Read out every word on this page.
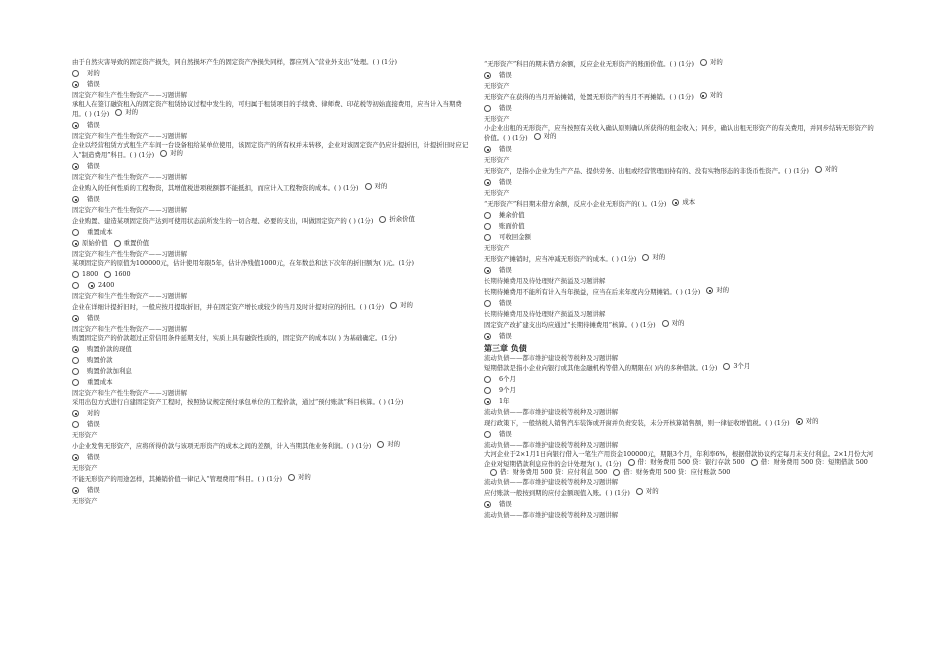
由于自然灾害导致的固定资产损失，同自然损坏产生的固定资产净损失同样，都应列入“营业外支出”处理。( ) (1分)
对的
错误
固定资产和生产性生物资产——习题讲解
承租人在签订融资租入的固定资产租赁协议过程中发生的，可归属于租赁项目的手续费、律师费、印花税等初始直接费用，应当计入当期费用。( ) (1分)	对的
错误
固定资产和生产性生物资产——习题讲解
企业以经营租赁方式租生产车间一台设备租给某单位使用，该固定资产的所有权并未转移，企业对该固定资产仍应计提折旧，计提折旧时应记入“制造费用”科目。( ) (1分)	对的
错误
固定资产和生产性生物资产——习题讲解
企业购入的任何性质的工程物资，其增值税进项税额都不能抵扣，而应计入工程物资的成本。( ) (1分)	对的
错误
固定资产和生产性生物资产——习题讲解
企业购置、建造某项固定资产达到可使用状态前所发生的一切合理、必要的支出，叫做固定资产的 ( ) (1分)	折余价值
重置成本
原始价值	重置价值
固定资产和生产性生物资产——习题讲解
某项固定资产的原值为100000元，估计使用年限5年，估计净残值1000元，在年数总和法下次年的折旧额为( )元。(1分)
1800	1600
2400
固定资产和生产性生物资产——习题讲解
企业在详细计提折旧时，一般应按月提取折旧，并在固定资产增长或较少的当月及时计提对应的折旧。( ) (1分)	对的
错误
固定资产和生产性生物资产——习题讲解
购置固定资产的价款超过正常信用条件延期支付，实质上具有融资性质的，固定资产的成本以( ) 为基础确定。(1分)
购置价款的现值
购置价款
购置价款加利息
重置成本
固定资产和生产性生物资产——习题讲解
采用出包方式进行自建固定资产工程时，按照协议规定预付承包单位的工程价款，通过“预付账款”科目核算。( ) (1分)
对的
错误
无形资产
小企业发售无形资产，应将所得价款与该项无形资产的成本之间的差额，计入当期其他业务利润。( ) (1分)	对的
错误
无形资产
不能无形资产的用途怎样，其摊销价值一律记入“管理费用”科目。( ) (1分)	对的
错误
无形资产
“无形资产”科目的期末借方余额，反应企业无形资产的账面价值。( ) (1分)	对的
错误
无形资产
无形资产在获得的当月开始摊销，处置无形资产的当月不再摊销。( ) (1分)	对的
错误
无形资产
小企业出租的无形资产，应当按照有关收入确认原则确认所获得的租金收入；同步，确认出租无形资产的有关费用，并同步结转无形资产的价值。( ) (1分)	对的
错误
无形资产
无形资产，是指小企业为生产产品、提供劳务、出租或经营管理而持有的、没有实物形态的非货币性资产。( ) (1分)	对的
错误
无形资产
“无形资产”科目期末借方余额，反应小企业无形资产的( )。(1分)	成本
摊余价值
账面价值
可收回金额
无形资产
无形资产摊销时，应当冲减无形资产的成本。( ) (1分)	对的
错误
长期待摊费用及待处理财产损溢及习题讲解
长期待摊费用不能所有计入当年损益，应当在后来年度内分期摊销。( ) (1分)	对的
错误
长期待摊费用及待处理财产损溢及习题讲解
固定资产改扩建支出均应通过“长期待摊费用”核算。( ) (1分)	对的
错误
第三章 负债
流动负债——都市维护建设税等税种及习题讲解
短期借款是指小企业向银行或其他金融机构等借入的期限在( )内的多种借款。(1分)	3个月
6个月
9个月
1年
流动负债——都市维护建设税等税种及习题讲解
现行政策下，一般纳税人销售汽车装饰或开窗并负责安装，未分开核算销售额，则一律征收增值税。( ) (1分)	对的
错误
流动负债——都市维护建设税等税种及习题讲解
大河企业于2×1月1日向银行借入一笔生产用资金100000元，期限3个月，年利率6%，根据借款协议约定每月末支付利息。2×1月份大河企业对短期借款利息应作的会计处理为( )。(1分)	借：财务费用 500 贷：银行存款 500	借：财务费用 500 贷：短期借款 500
借：财务费用 500 贷：应付利息 500	借：财务费用 500 贷：应付账款 500
流动负债——都市维护建设税等税种及习题讲解
应付账款一般按到期的应付金额现值入账。( ) (1分)	对的
错误
流动负债——都市维护建设税等税种及习题讲解
